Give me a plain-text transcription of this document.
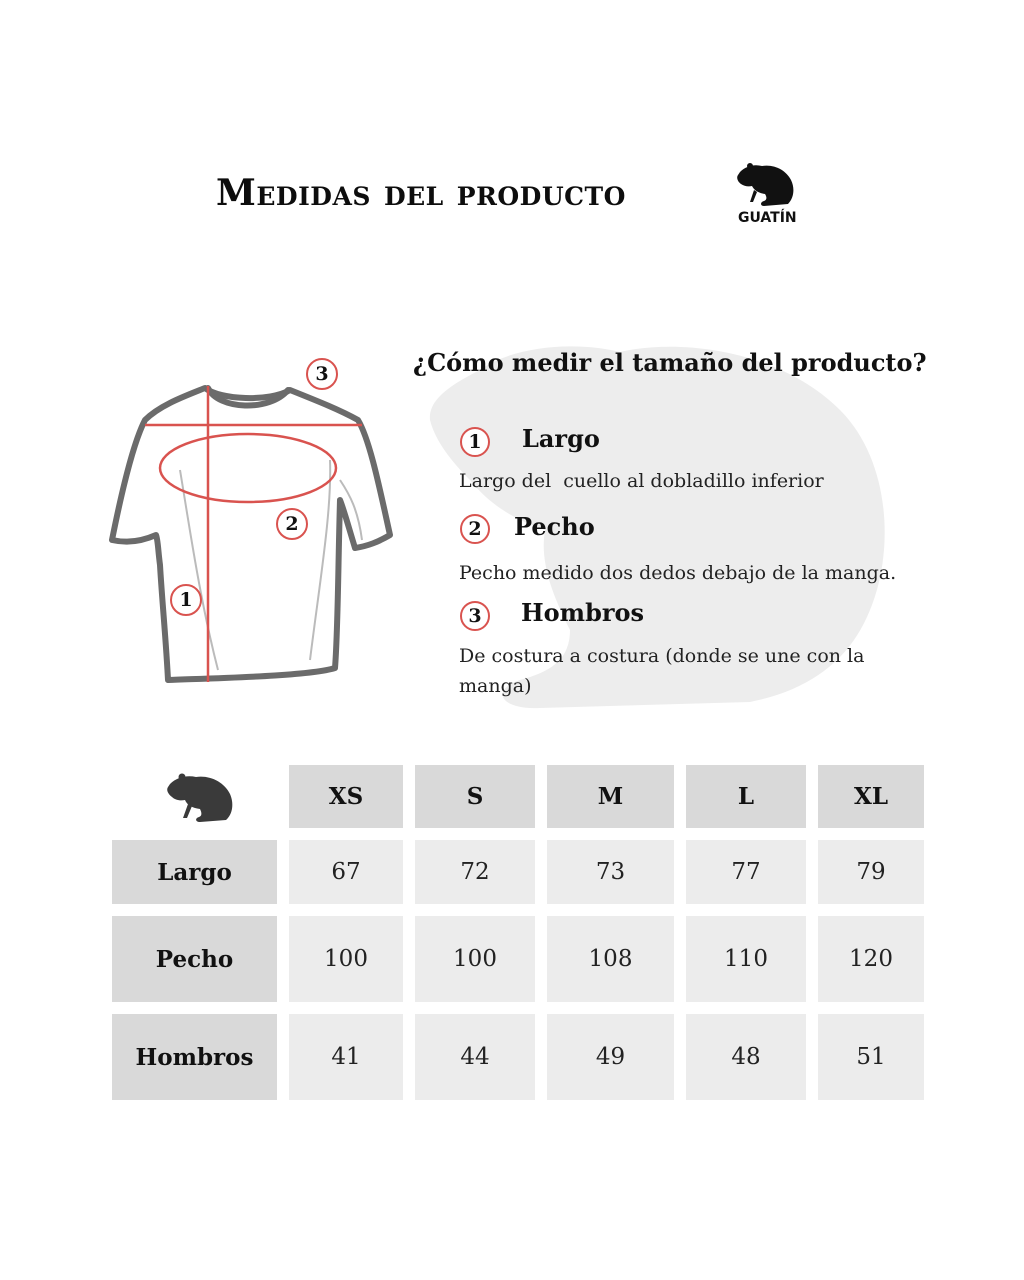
Medidas del producto
GUATÍN
1
2
3	¿Cómo medir el tamaño del producto?
1	Largo
Largo del  cuello al dobladillo inferior
2	Pecho
Pecho medido dos dedos debajo de la manga.
3	Hombros
De costura a costura (donde se une con la manga)
XS	S	M	L	XL
Largo	67	72	73	77	79
Pecho	100	100	108	110	120
Hombros	41	44	49	48	51
